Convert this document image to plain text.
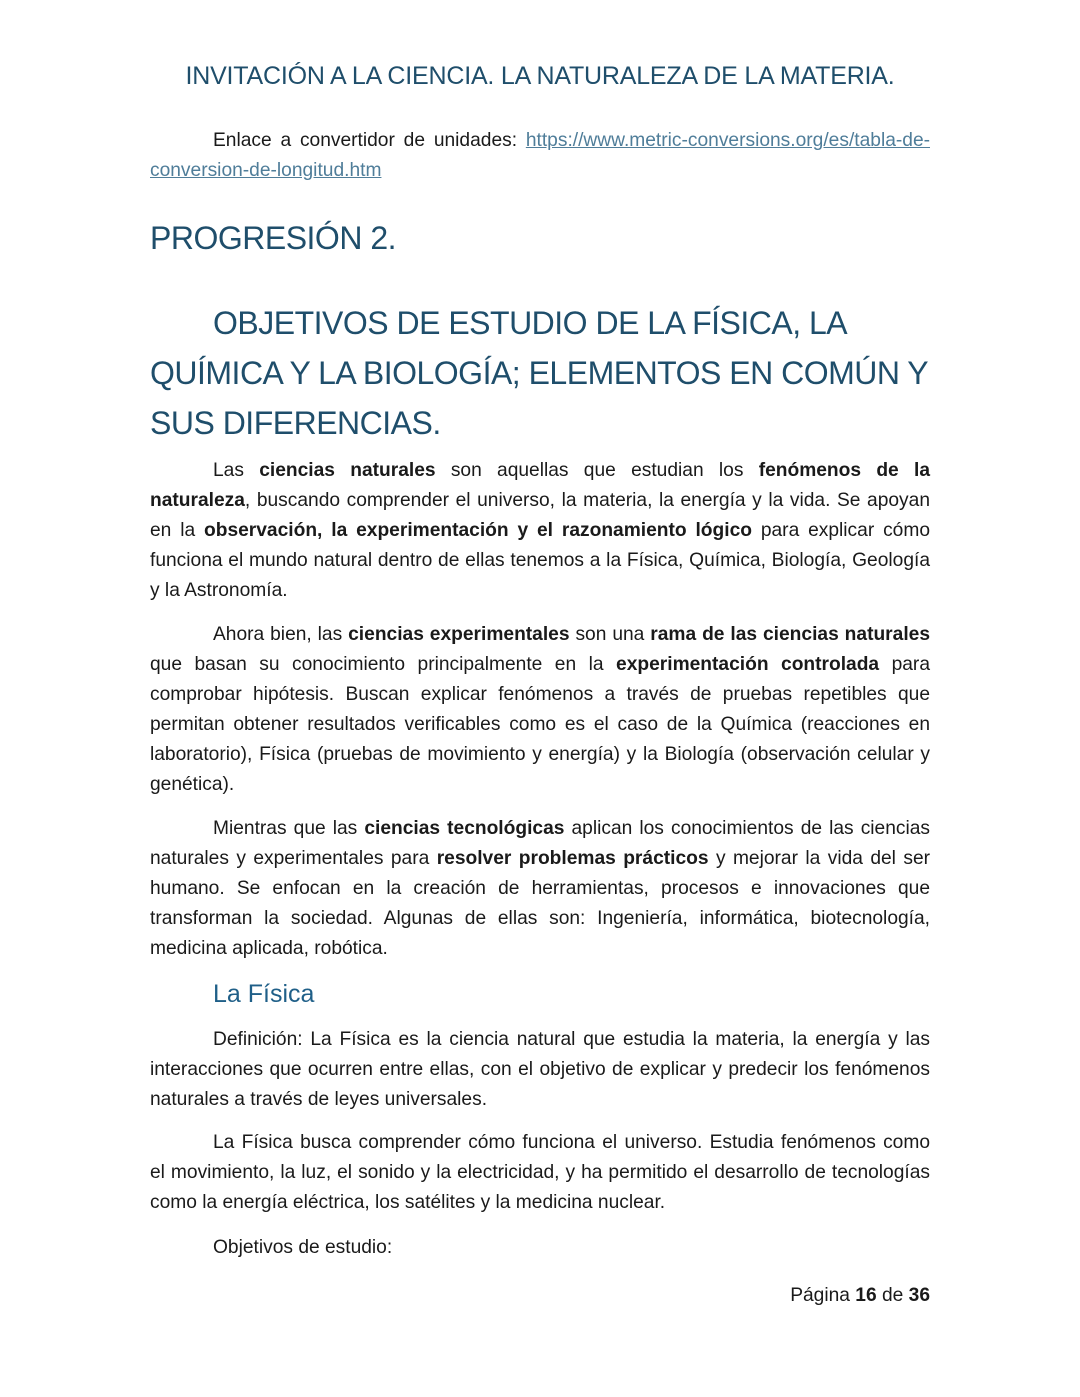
INVITACIÓN A LA CIENCIA. LA NATURALEZA DE LA MATERIA.

Enlace a convertidor de unidades: https://www.metric-conversions.org/es/tabla-de-conversion-de-longitud.htm

PROGRESIÓN 2.
OBJETIVOS DE ESTUDIO DE LA FÍSICA, LA QUÍMICA Y LA BIOLOGÍA; ELEMENTOS EN COMÚN Y SUS DIFERENCIAS.

Las ciencias naturales son aquellas que estudian los fenómenos de la naturaleza, buscando comprender el universo, la materia, la energía y la vida. Se apoyan en la observación, la experimentación y el razonamiento lógico para explicar cómo funciona el mundo natural dentro de ellas tenemos a la Física, Química, Biología, Geología y la Astronomía.

Ahora bien, las ciencias experimentales son una rama de las ciencias naturales que basan su conocimiento principalmente en la experimentación controlada para comprobar hipótesis. Buscan explicar fenómenos a través de pruebas repetibles que permitan obtener resultados verificables como es el caso de la Química (reacciones en laboratorio), Física (pruebas de movimiento y energía) y la Biología (observación celular y genética).

Mientras que las ciencias tecnológicas aplican los conocimientos de las ciencias naturales y experimentales para resolver problemas prácticos y mejorar la vida del ser humano. Se enfocan en la creación de herramientas, procesos e innovaciones que transforman la sociedad. Algunas de ellas son: Ingeniería, informática, biotecnología, medicina aplicada, robótica.

La Física

Definición: La Física es la ciencia natural que estudia la materia, la energía y las interacciones que ocurren entre ellas, con el objetivo de explicar y predecir los fenómenos naturales a través de leyes universales.

La Física busca comprender cómo funciona el universo. Estudia fenómenos como el movimiento, la luz, el sonido y la electricidad, y ha permitido el desarrollo de tecnologías como la energía eléctrica, los satélites y la medicina nuclear.

Objetivos de estudio:

Página 16 de 36
